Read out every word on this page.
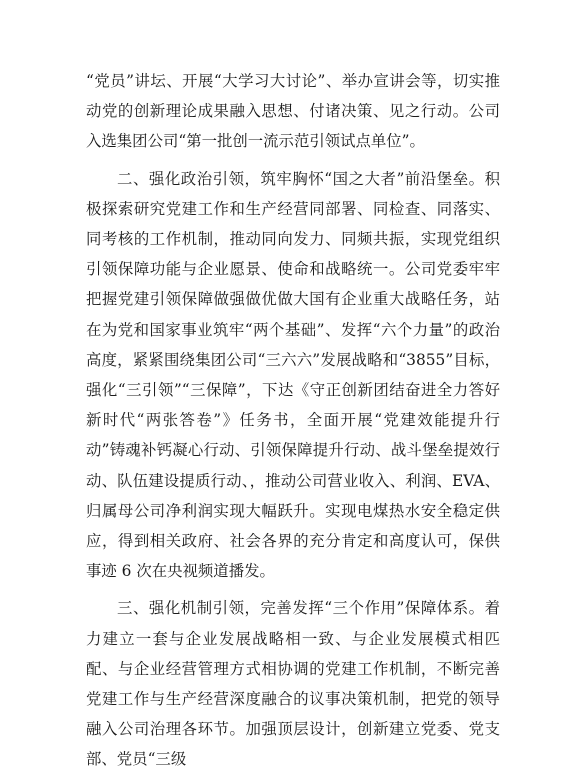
“党员”讲坛、开展“大学习大讨论”、举办宣讲会等，切实推动党的创新理论成果融入思想、付诸决策、见之行动。公司入选集团公司“第一批创一流示范引领试点单位”。

二、强化政治引领，筑牢胸怀“国之大者”前沿堡垒。积极探索研究党建工作和生产经营同部署、同检查、同落实、同考核的工作机制，推动同向发力、同频共振，实现党组织引领保障功能与企业愿景、使命和战略统一。公司党委牢牢把握党建引领保障做强做优做大国有企业重大战略任务，站在为党和国家事业筑牢“两个基础”、发挥“六个力量”的政治高度，紧紧围绕集团公司“三六六”发展战略和“3855”目标，强化“三引领”“三保障”，下达《守正创新团结奋进全力答好新时代“两张答卷”》任务书，全面开展“党建效能提升行动”铸魂补钙凝心行动、引领保障提升行动、战斗堡垒提效行动、队伍建设提质行动、，推动公司营业收入、利润、EVA、归属母公司净利润实现大幅跃升。实现电煤热水安全稳定供应，得到相关政府、社会各界的充分肯定和高度认可，保供事迹 6 次在央视频道播发。

三、强化机制引领，完善发挥“三个作用”保障体系。着力建立一套与企业发展战略相一致、与企业发展模式相匹配、与企业经营管理方式相协调的党建工作机制，不断完善党建工作与生产经营深度融合的议事决策机制，把党的领导融入公司治理各环节。加强顶层设计，创新建立党委、党支部、党员“三级
